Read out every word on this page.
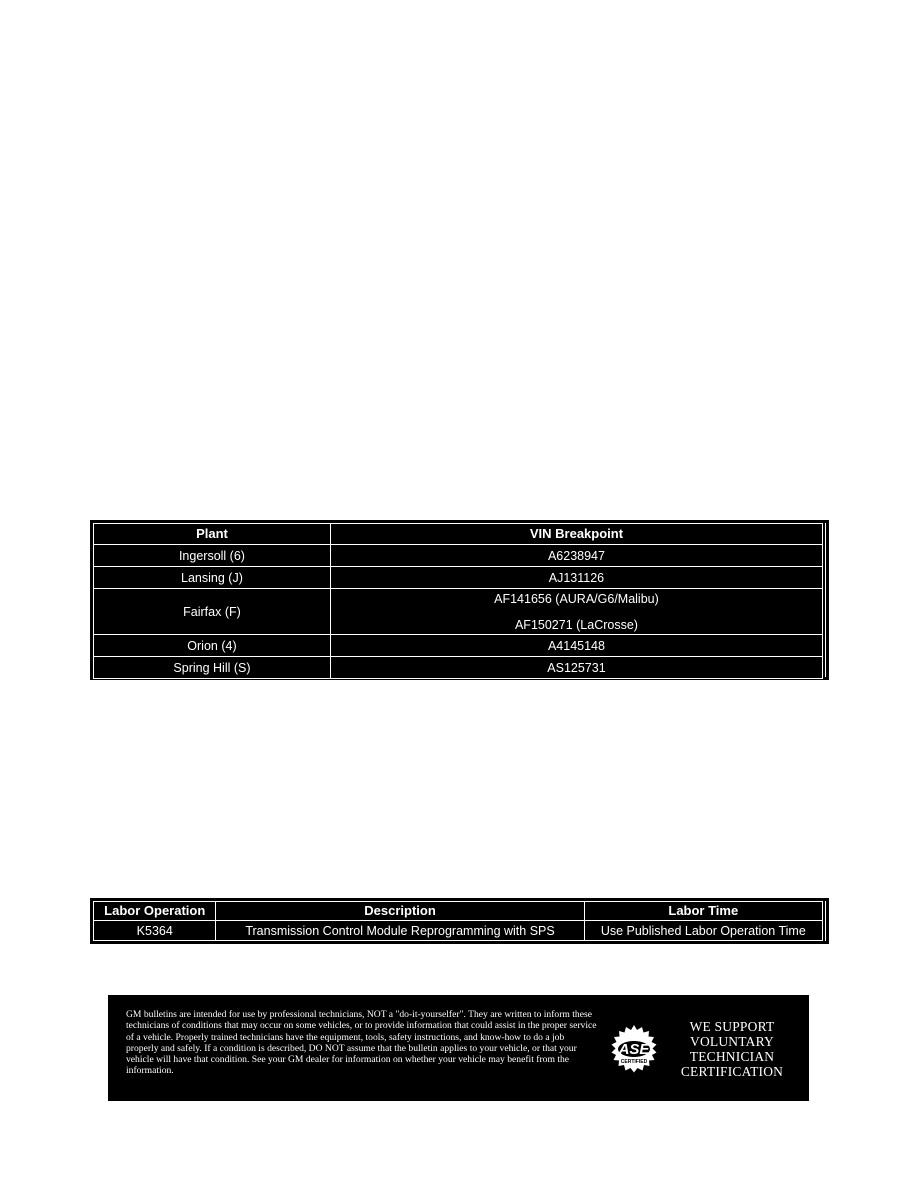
Plant	VIN Breakpoint
Ingersoll (6)	A6238947
Lansing (J)	AJ131126
Fairfax (F)	AF141656 (AURA/G6/Malibu)
AF150271 (LaCrosse)

Orion (4)	A4145148
Spring Hill (S)	AS125731
Labor Operation	Description	Labor Time
K5364	Transmission Control Module Reprogramming with SPS	Use Published Labor Operation Time
GM bulletins are intended for use by professional technicians, NOT a "do-it-yourselfer". They are written to inform these technicians of conditions that may occur on some vehicles, or to provide information that could assist in the proper service of a vehicle. Properly trained technicians have the equipment, tools, safety instructions, and know-how to do a job properly and safely. If a condition is described, DO NOT assume that the bulletin applies to your vehicle, or that your vehicle will have that condition. See your GM dealer for information on whether your vehicle may benefit from the information.
ASE
CERTIFIED
WE SUPPORT
VOLUNTARY
TECHNICIAN
CERTIFICATION
